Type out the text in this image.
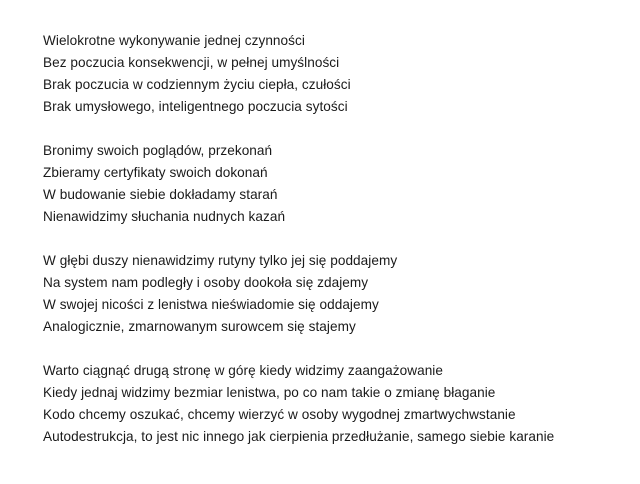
Wielokrotne wykonywanie jednej czynności
Bez poczucia konsekwencji, w pełnej umyślności
Brak poczucia w codziennym życiu ciepła, czułości
Brak umysłowego, inteligentnego poczucia sytości
Bronimy swoich poglądów, przekonań
Zbieramy certyfikaty swoich dokonań
W budowanie siebie dokładamy starań
Nienawidzimy słuchania nudnych kazań
W głębi duszy nienawidzimy rutyny tylko jej się poddajemy
Na system nam podległy i osoby dookoła się zdajemy
W swojej nicości z lenistwa nieświadomie się oddajemy
Analogicznie, zmarnowanym surowcem się stajemy
Warto ciągnąć drugą stronę w górę kiedy widzimy zaangażowanie
Kiedy jednaj widzimy bezmiar lenistwa, po co nam takie o zmianę błaganie
Kodo chcemy oszukać, chcemy wierzyć w osoby wygodnej zmartwychwstanie
Autodestrukcja, to jest nic innego jak cierpienia przedłużanie, samego siebie karanie
